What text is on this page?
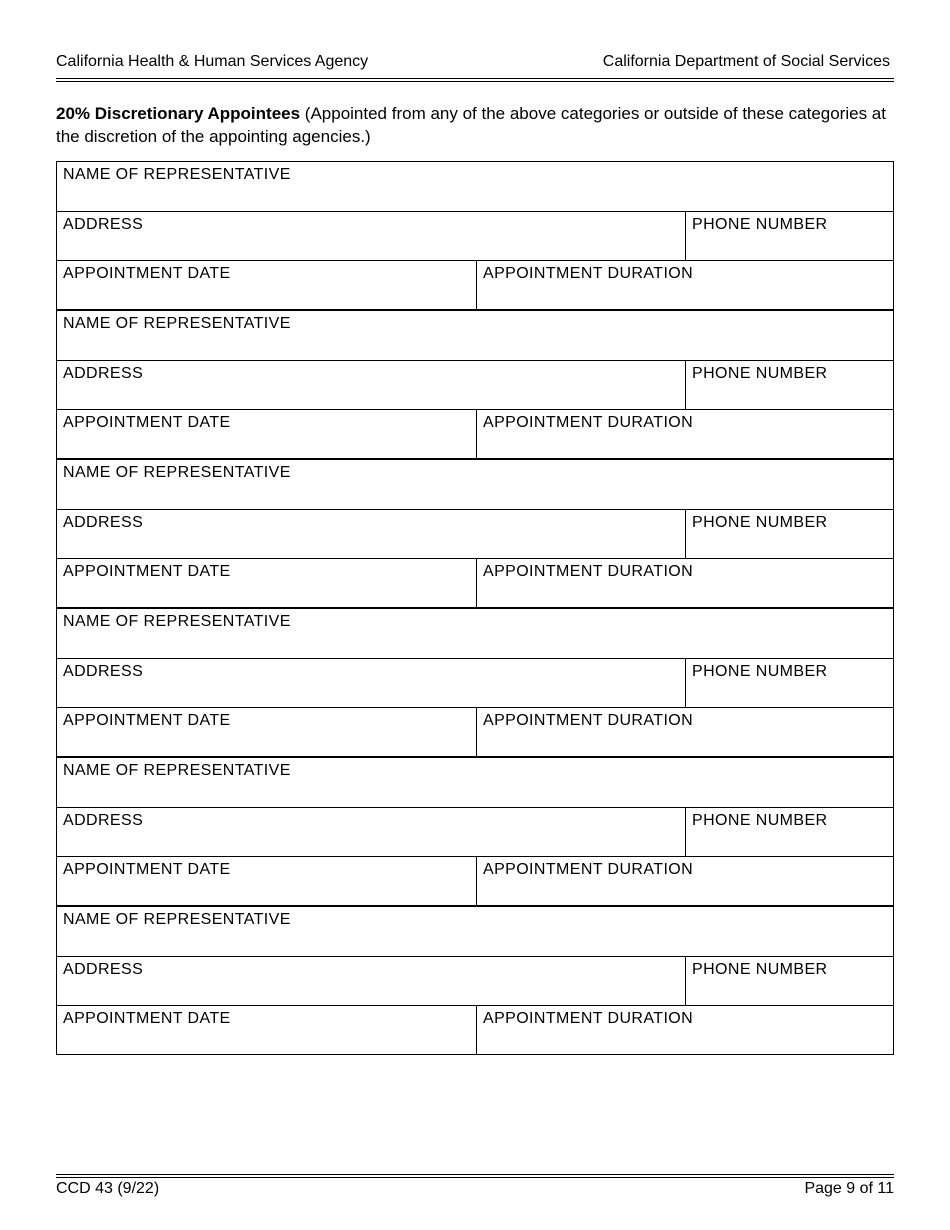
California Health & Human Services Agency	California Department of Social Services
20% Discretionary Appointees (Appointed from any of the above categories or outside of these categories at the discretion of the appointing agencies.)
NAME OF REPRESENTATIVE
ADDRESS	PHONE NUMBER
APPOINTMENT DATE	APPOINTMENT DURATION
NAME OF REPRESENTATIVE
ADDRESS	PHONE NUMBER
APPOINTMENT DATE	APPOINTMENT DURATION
NAME OF REPRESENTATIVE
ADDRESS	PHONE NUMBER
APPOINTMENT DATE	APPOINTMENT DURATION
NAME OF REPRESENTATIVE
ADDRESS	PHONE NUMBER
APPOINTMENT DATE	APPOINTMENT DURATION
NAME OF REPRESENTATIVE
ADDRESS	PHONE NUMBER
APPOINTMENT DATE	APPOINTMENT DURATION
NAME OF REPRESENTATIVE
ADDRESS	PHONE NUMBER
APPOINTMENT DATE	APPOINTMENT DURATION
CCD 43 (9/22)	Page 9 of 11
